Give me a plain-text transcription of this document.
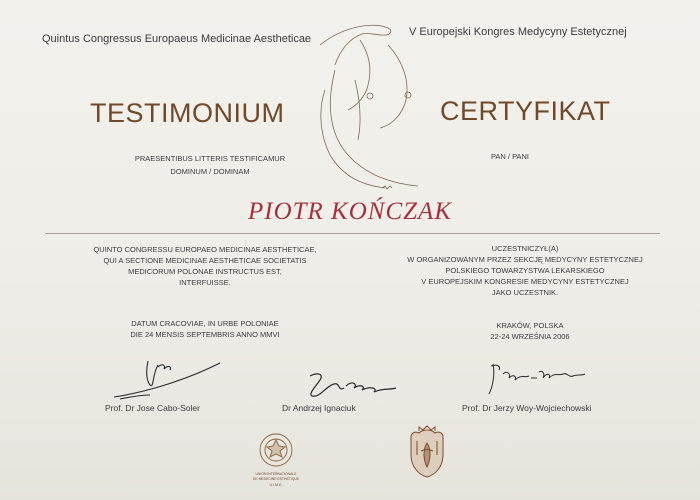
Quintus Congressus Europaeus Medicinae Aestheticae
V Europejski Kongres Medycyny Estetycznej
TESTIMONIUM	CERTYFIKAT
PRAESENTIBUS LITTERIS TESTIFICAMUR
DOMINUM / DOMINAM
PAN / PANI
PIOTR KOŃCZAK
QUINTO CONGRESSU EUROPAEO MEDICINAE AESTHETICAE,
QUI A SECTIONE MEDICINAE AESTHETICAE SOCIETATIS
MEDICORUM POLONAE INSTRUCTUS EST,
INTERFUISSE.
UCZESTNICZYŁ(A)
W ORGANIZOWANYM PRZEZ SEKCJĘ MEDYCYNY ESTETYCZNEJ
POLSKIEGO TOWARZYSTWA LEKARSKIEGO
V EUROPEJSKIM KONGRESIE MEDYCYNY ESTETYCZNEJ
JAKO UCZESTNIK.
DATUM CRACOVIAE, IN URBE POLONIAE
DIE 24 MENSIS SEPTEMBRIS ANNO MMVI
KRAKÓW, POLSKA
22-24 WRZEŚNIA 2006
Prof. Dr Jose Cabo-Soler	Dr Andrzej Ignaciuk	Prof. Dr Jerzy Woy-Wojciechowski
UNION INTERNATIONALE
DE MEDECINE ESTHETIQUE
U.I.M.E.
